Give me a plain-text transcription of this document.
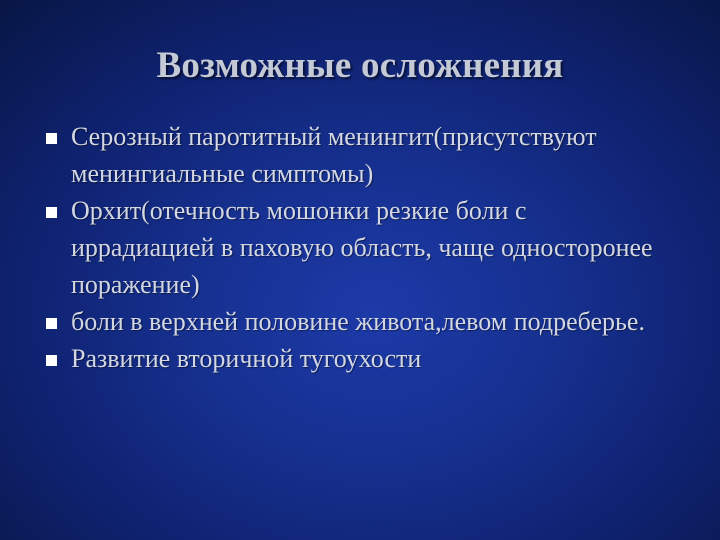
Возможные осложнения
Серозный паротитный менингит(присутствуют менингиальные симптомы)
Орхит(отечность мошонки резкие боли с иррадиацией в паховую область, чаще односторонее поражение)
боли в верхней половине живота,левом подреберье.
Развитие вторичной тугоухости
